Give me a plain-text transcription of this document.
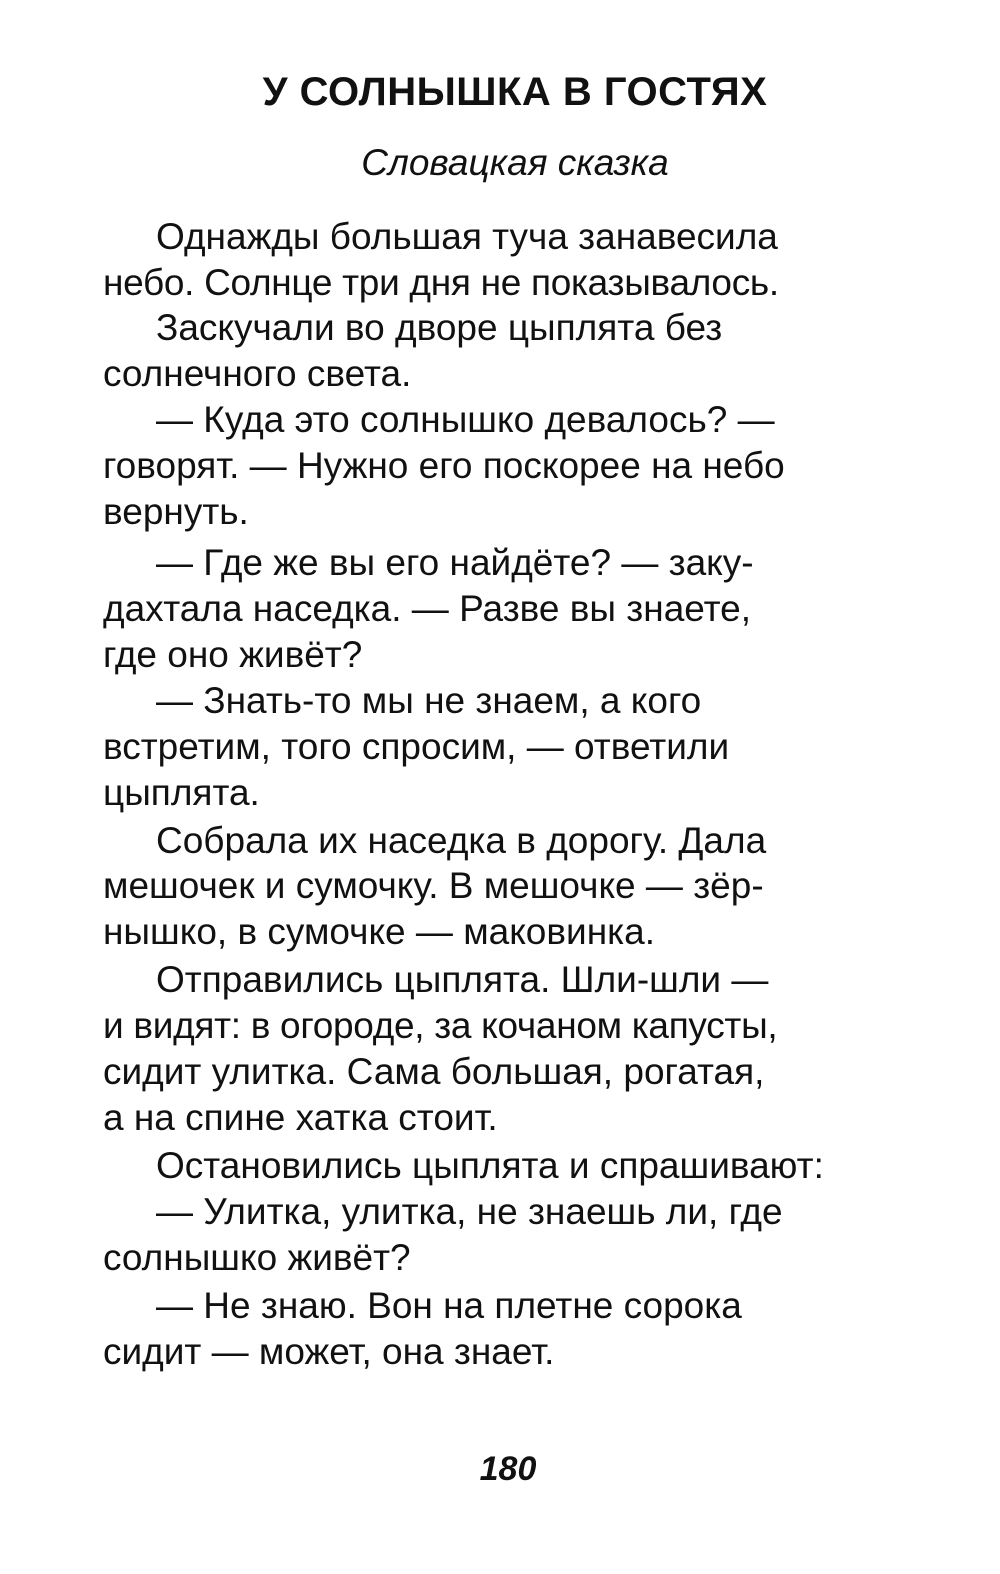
У СОЛНЫШКА В ГОСТЯХ

Словацкая сказка

Однажды большая туча занавесила

небо. Солнце три дня не показывалось.

Заскучали во дворе цыплята без

солнечного света.

— Куда это солнышко девалось? —

говорят. — Нужно его поскорее на небо

вернуть.

— Где же вы его найдёте? — заку-

дахтала наседка. — Разве вы знаете,

где оно живёт?

— Знать-то мы не знаем, а кого

встретим, того спросим, — ответили

цыплята.

Собрала их наседка в дорогу. Дала

мешочек и сумочку. В мешочке — зёр-

нышко, в сумочке — маковинка.

Отправились цыплята. Шли-шли —

и видят: в огороде, за кочаном капусты,

сидит улитка. Сама большая, рогатая,

а на спине хатка стоит.

Остановились цыплята и спрашивают:

— Улитка, улитка, не знаешь ли, где

солнышко живёт?

— Не знаю. Вон на плетне сорока

сидит — может, она знает.

180
